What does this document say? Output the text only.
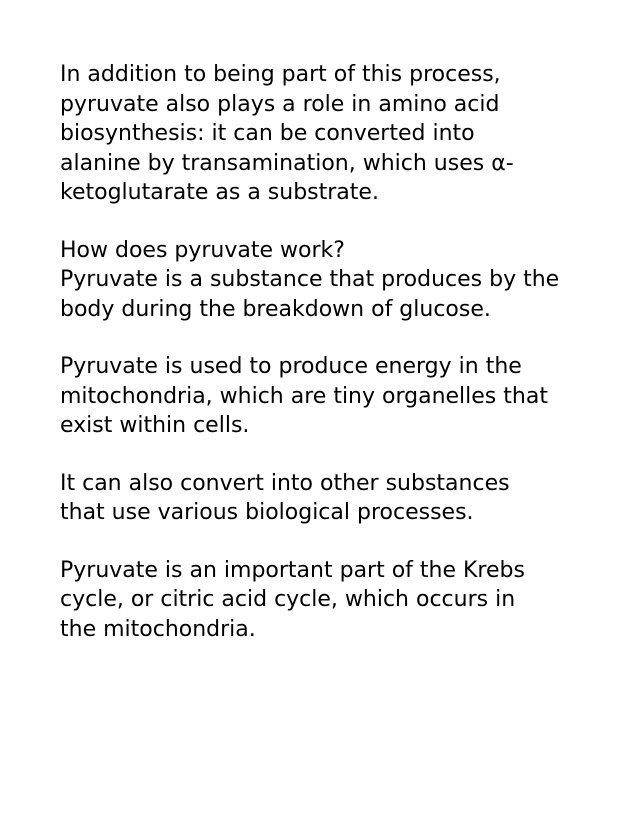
In addition to being part of this process,
pyruvate also plays a role in amino acid
biosynthesis: it can be converted into
alanine by transamination, which uses α-
ketoglutarate as a substrate.

How does pyruvate work?
Pyruvate is a substance that produces by the
body during the breakdown of glucose.

Pyruvate is used to produce energy in the
mitochondria, which are tiny organelles that
exist within cells.

It can also convert into other substances
that use various biological processes.

Pyruvate is an important part of the Krebs
cycle, or citric acid cycle, which occurs in
the mitochondria.
